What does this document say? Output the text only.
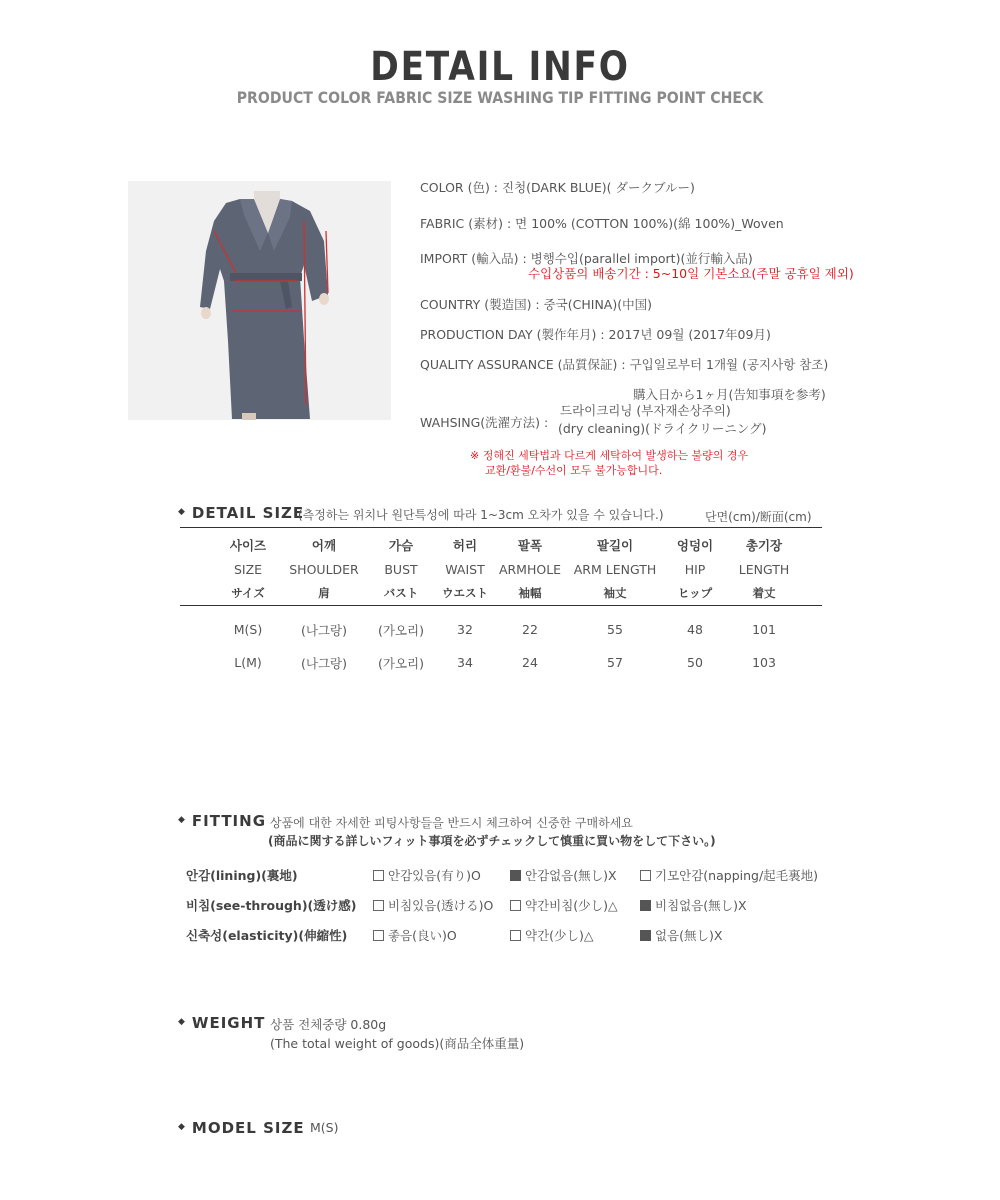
DETAIL INFO
PRODUCT COLOR FABRIC SIZE WASHING TIP FITTING POINT CHECK
COLOR (色) : 진청(DARK BLUE)( ダークブルー)
FABRIC (素材) : 면 100% (COTTON 100%)(綿 100%)_Woven
IMPORT (輸入品) : 병행수입(parallel import)(並行輸入品)
수입상품의 배송기간 : 5~10일 기본소요(주말 공휴일 제외)
COUNTRY (製造国) : 중국(CHINA)(中国)
PRODUCTION DAY (製作年月) : 2017년 09월 (2017年09月)
QUALITY ASSURANCE (品質保証) : 구입일로부터 1개월 (공지사항 참조)
購入日から1ヶ月(告知事項を参考)
드라이크리닝 (부자재손상주의)
WAHSING(洗濯方法) : (dry cleaning)(ドライクリーニング)
※ 정해진 세탁법과 다르게 세탁하여 발생하는 불량의 경우
교환/환불/수선이 모두 불가능합니다.
◆ DETAIL SIZE
(측정하는 위치나 원단특성에 따라 1~3cm 오차가 있을 수 있습니다.)	단면(cm)/断面(cm)
사이즈	어깨	가슴	허리	팔폭	팔길이	엉덩이	총기장
SIZE	SHOULDER	BUST	WAIST	ARMHOLE	ARM LENGTH	HIP	LENGTH
サイズ	肩	バスト	ウエスト	袖幅	袖丈	ヒップ	着丈
M(S)	(나그랑)	(가오리)	32	22	55	48	101
L(M)	(나그랑)	(가오리)	34	24	57	50	103
◆ FITTING 상품에 대한 자세한 피팅사항들을 반드시 체크하여 신중한 구매하세요
(商品に関する詳しいフィット事項を必ずチェックして慎重に買い物をして下さい。)
안감(lining)(裏地)	안감있음(有り)O	안감없음(無し)X	기모안감(napping/起毛裏地)
비침(see-through)(透け感)	비침있음(透ける)O	약간비침(少し)△	비침없음(無し)X
신축성(elasticity)(伸縮性)	좋음(良い)O	약간(少し)△	없음(無し)X
◆ WEIGHT 상품 전체중량 0.80g
(The total weight of goods)(商品全体重量)
◆ MODEL SIZE M(S)
